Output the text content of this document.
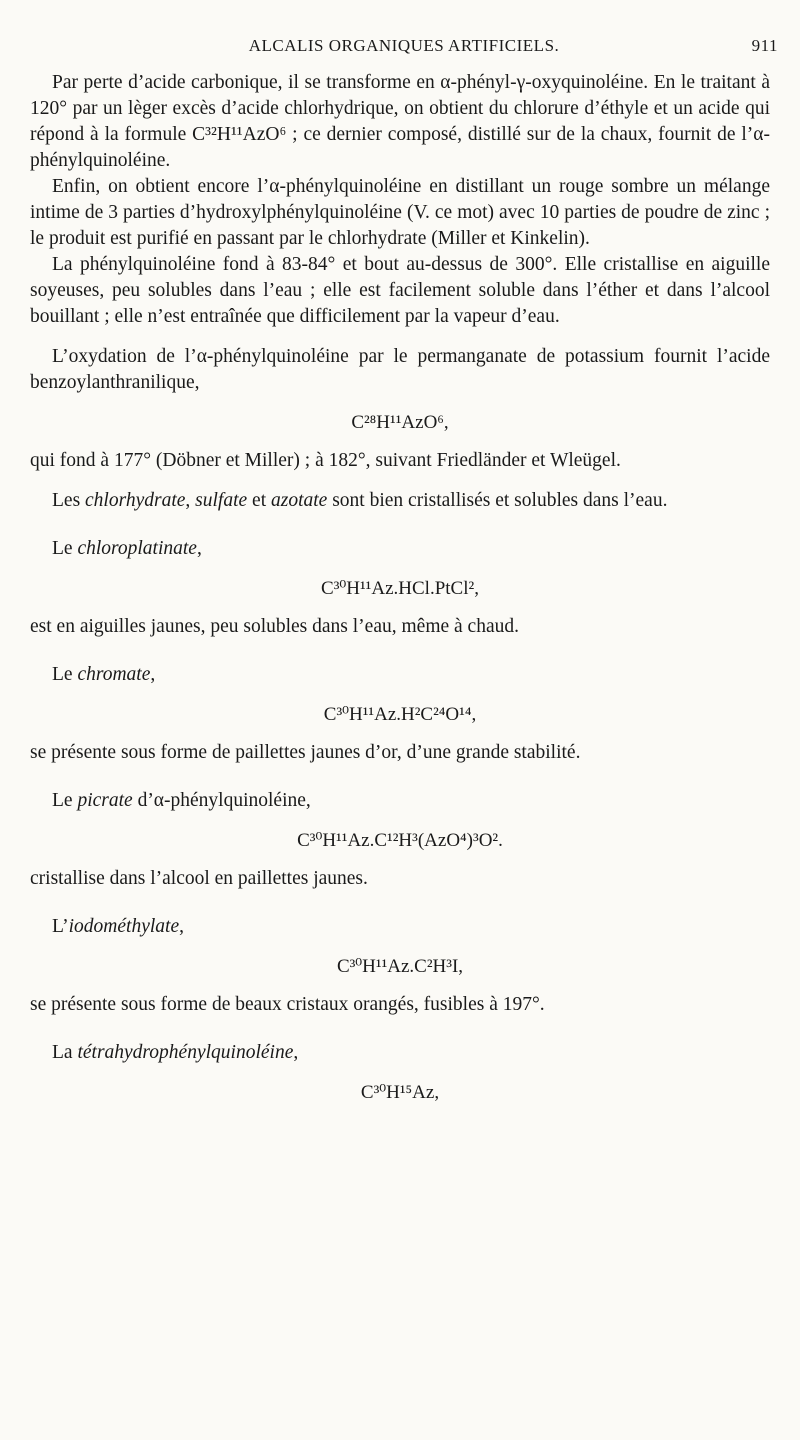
ALCALIS ORGANIQUES ARTIFICIELS.	911

Par perte d’acide carbonique, il se transforme en α-phényl-γ-oxyquinoléine. En le traitant à 120° par un lèger excès d’acide chlorhydrique, on obtient du chlorure d’éthyle et un acide qui répond à la formule C³²H¹¹AzO⁶ ; ce dernier composé, distillé sur de la chaux, fournit de l’α-phénylquinoléine.

Enfin, on obtient encore l’α-phénylquinoléine en distillant un rouge sombre un mélange intime de 3 parties d’hydroxylphénylquinoléine (V. ce mot) avec 10 parties de poudre de zinc ; le produit est purifié en passant par le chlorhydrate (Miller et Kinkelin).

La phénylquinoléine fond à 83-84° et bout au-dessus de 300°. Elle cristallise en aiguille soyeuses, peu solubles dans l’eau ; elle est facilement soluble dans l’éther et dans l’alcool bouillant ; elle n’est entraînée que difficilement par la vapeur d’eau.

L’oxydation de l’α-phénylquinoléine par le permanganate de potassium fournit l’acide benzoylanthranilique,

C²⁸H¹¹AzO⁶,

qui fond à 177° (Döbner et Miller) ; à 182°, suivant Friedländer et Wleügel.

Les chlorhydrate, sulfate et azotate sont bien cristallisés et solubles dans l’eau.

Le chloroplatinate,

C³⁰H¹¹Az.HCl.PtCl²,

est en aiguilles jaunes, peu solubles dans l’eau, même à chaud.

Le chromate,

C³⁰H¹¹Az.H²C²⁴O¹⁴,

se présente sous forme de paillettes jaunes d’or, d’une grande stabilité.

Le picrate d’α-phénylquinoléine,

C³⁰H¹¹Az.C¹²H³(AzO⁴)³O².

cristallise dans l’alcool en paillettes jaunes.

L’iodométhylate,

C³⁰H¹¹Az.C²H³I,

se présente sous forme de beaux cristaux orangés, fusibles à 197°.

La tétrahydrophénylquinoléine,

C³⁰H¹⁵Az,
